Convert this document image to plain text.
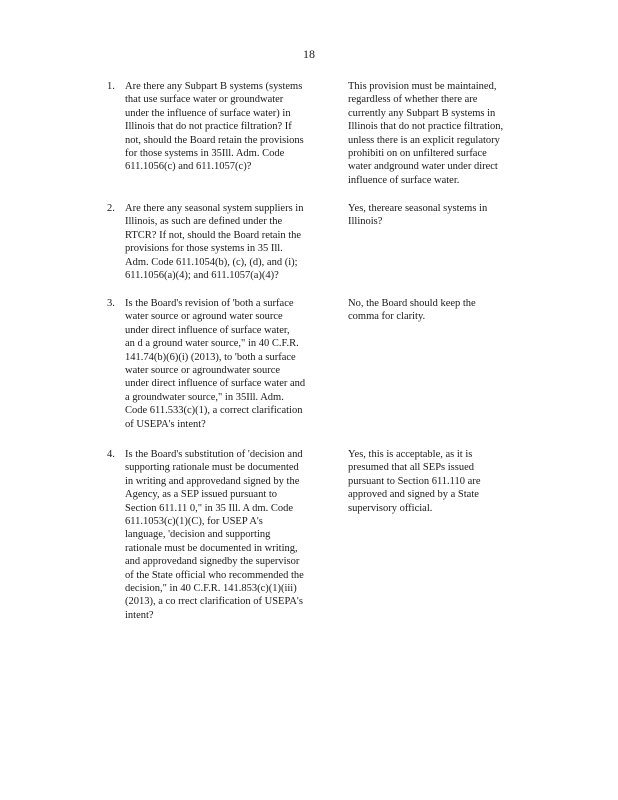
18
1. Are there any Subpart B systems (systems
that use surface water or groundwater
under the influence of surface water) in
Illinois that do not practice filtration? If
not, should the Board retain the provisions
for those systems in 35Ill. Adm. Code
611.1056(c) and 611.1057(c)?
This provision must be maintained,
regardless of whether there are
currently any Subpart B systems in
Illinois that do not practice filtration,
unless there is an explicit regulatory
prohibiti on on unfiltered surface
water andground water under direct
influence of surface water.
2. Are there any seasonal system suppliers in
Illinois, as such are defined under the
RTCR? If not, should the Board retain the
provisions for those systems in 35 Ill.
Adm. Code 611.1054(b), (c), (d), and (i);
611.1056(a)(4); and 611.1057(a)(4)?
Yes, thereare seasonal systems in
Illinois?
3. Is the Board's revision of 'both a surface
water source or aground water source
under direct influence of surface water,
an d a ground water source," in 40 C.F.R.
141.74(b)(6)(i) (2013), to 'both a surface
water source or agroundwater source
under direct influence of surface water and
a groundwater source," in 35Ill. Adm.
Code 611.533(c)(1), a correct clarification
of USEPA's intent?
No, the Board should keep the
comma for clarity.
4. Is the Board's substitution of 'decision and
supporting rationale must be documented
in writing and approvedand signed by the
Agency, as a SEP issued pursuant to
Section 611.11 0," in 35 Ill. A dm. Code
611.1053(c)(1)(C), for USEP A's
language, 'decision and supporting
rationale must be documented in writing,
and approvedand signedby the supervisor
of the State official who recommended the
decision," in 40 C.F.R. 141.853(c)(1)(iii)
(2013), a co rrect clarification of USEPA's
intent?
Yes, this is acceptable, as it is
presumed that all SEPs issued
pursuant to Section 611.110 are
approved and signed by a State
supervisory official.
